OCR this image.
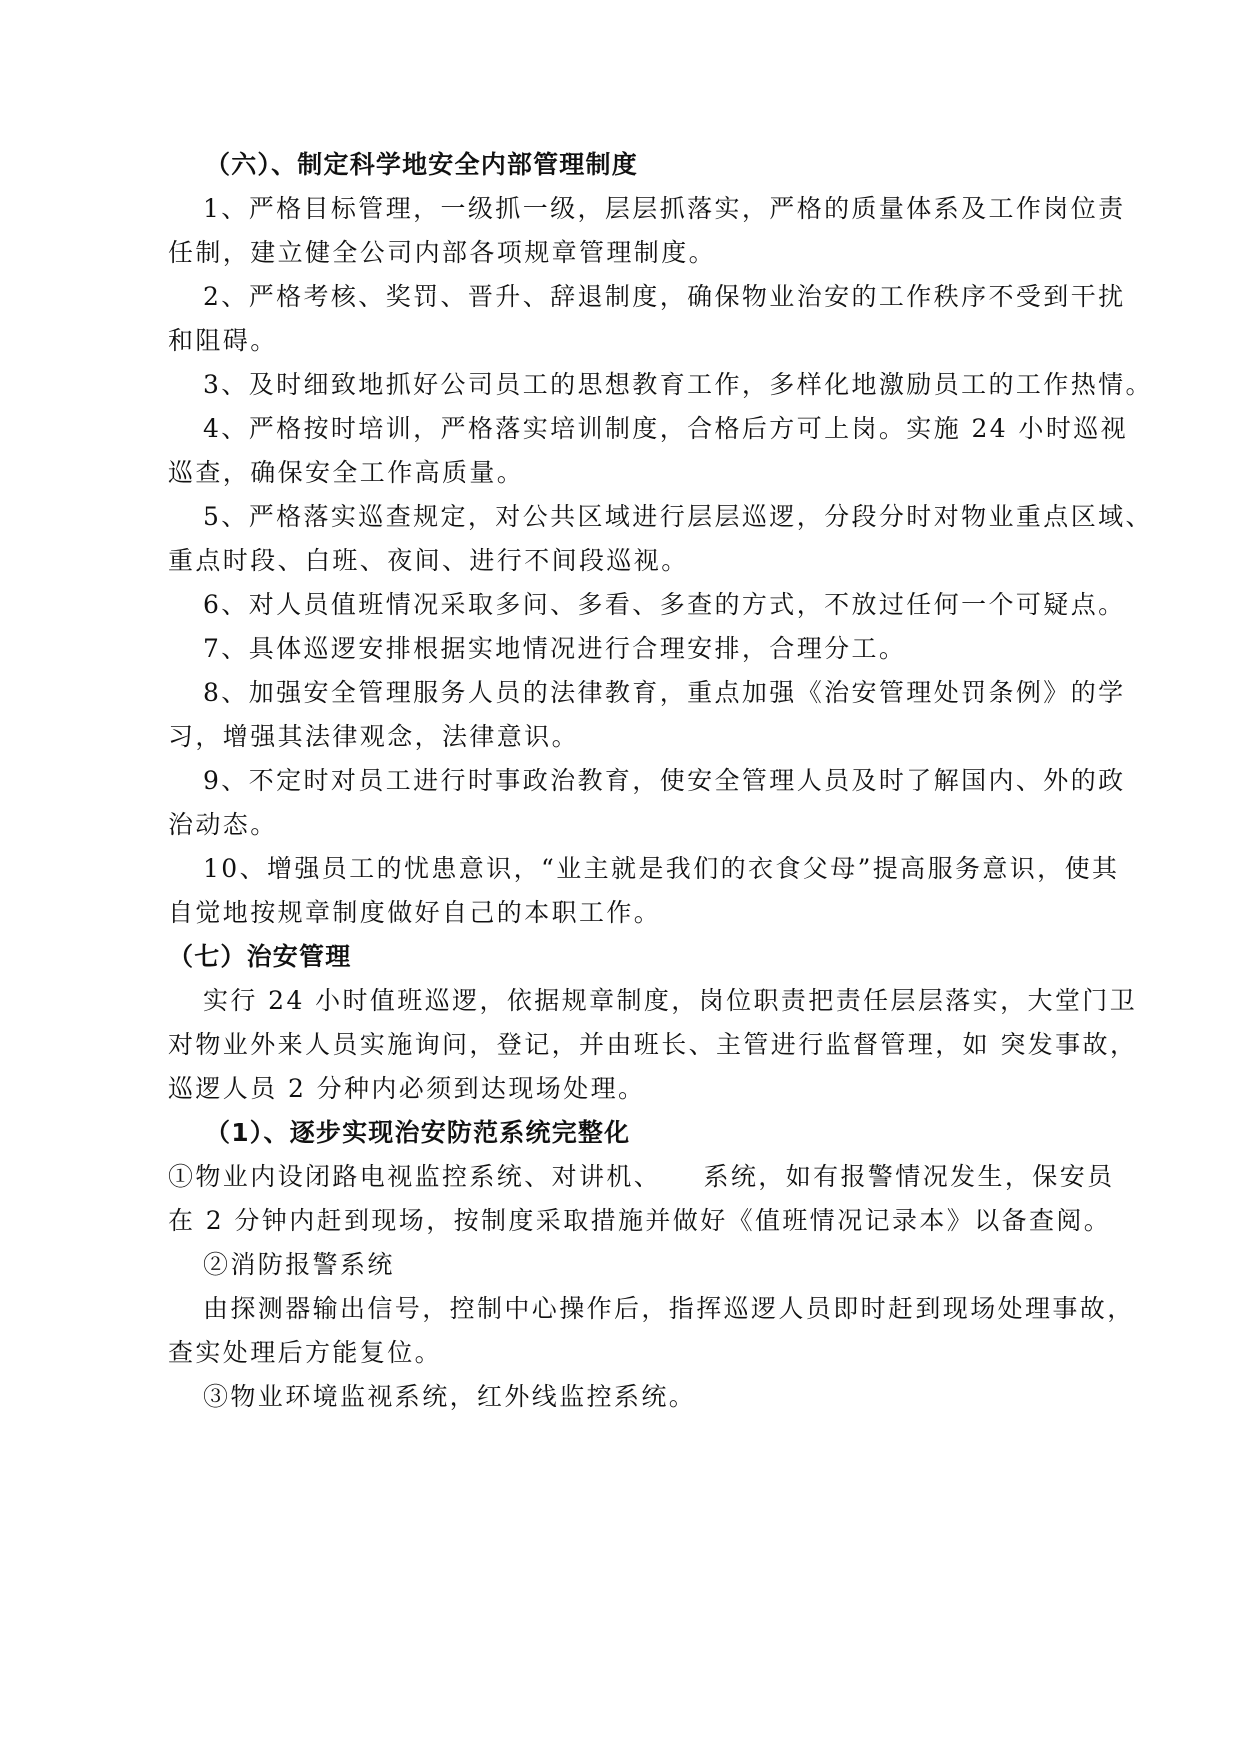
（六）、制定科学地安全内部管理制度
1、严格目标管理，一级抓一级，层层抓落实，严格的质量体系及工作岗位责
任制，建立健全公司内部各项规章管理制度。
2、严格考核、奖罚、晋升、辞退制度，确保物业治安的工作秩序不受到干扰
和阻碍。
3、及时细致地抓好公司员工的思想教育工作，多样化地激励员工的工作热情。
4、严格按时培训，严格落实培训制度，合格后方可上岗。实施 24 小时巡视
巡查，确保安全工作高质量。
5、严格落实巡查规定，对公共区域进行层层巡逻，分段分时对物业重点区域、
重点时段、白班、夜间、进行不间段巡视。
6、对人员值班情况采取多问、多看、多查的方式，不放过任何一个可疑点。
7、具体巡逻安排根据实地情况进行合理安排，合理分工。
8、加强安全管理服务人员的法律教育，重点加强《治安管理处罚条例》的学
习，增强其法律观念，法律意识。
9、不定时对员工进行时事政治教育，使安全管理人员及时了解国内、外的政
治动态。
10、增强员工的忧患意识，“业主就是我们的衣食父母”提高服务意识，使其
自觉地按规章制度做好自己的本职工作。
（七）治安管理
实行 24 小时值班巡逻，依据规章制度，岗位职责把责任层层落实，大堂门卫
对物业外来人员实施询问，登记，并由班长、主管进行监督管理，如 突发事故，
巡逻人员 2 分种内必须到达现场处理。
（1）、逐步实现治安防范系统完整化
①物业内设闭路电视监控系统、对讲机、　　系统，如有报警情况发生，保安员
在 2 分钟内赶到现场，按制度采取措施并做好《值班情况记录本》以备查阅。
②消防报警系统
由探测器输出信号，控制中心操作后，指挥巡逻人员即时赶到现场处理事故，
查实处理后方能复位。
③物业环境监视系统，红外线监控系统。
